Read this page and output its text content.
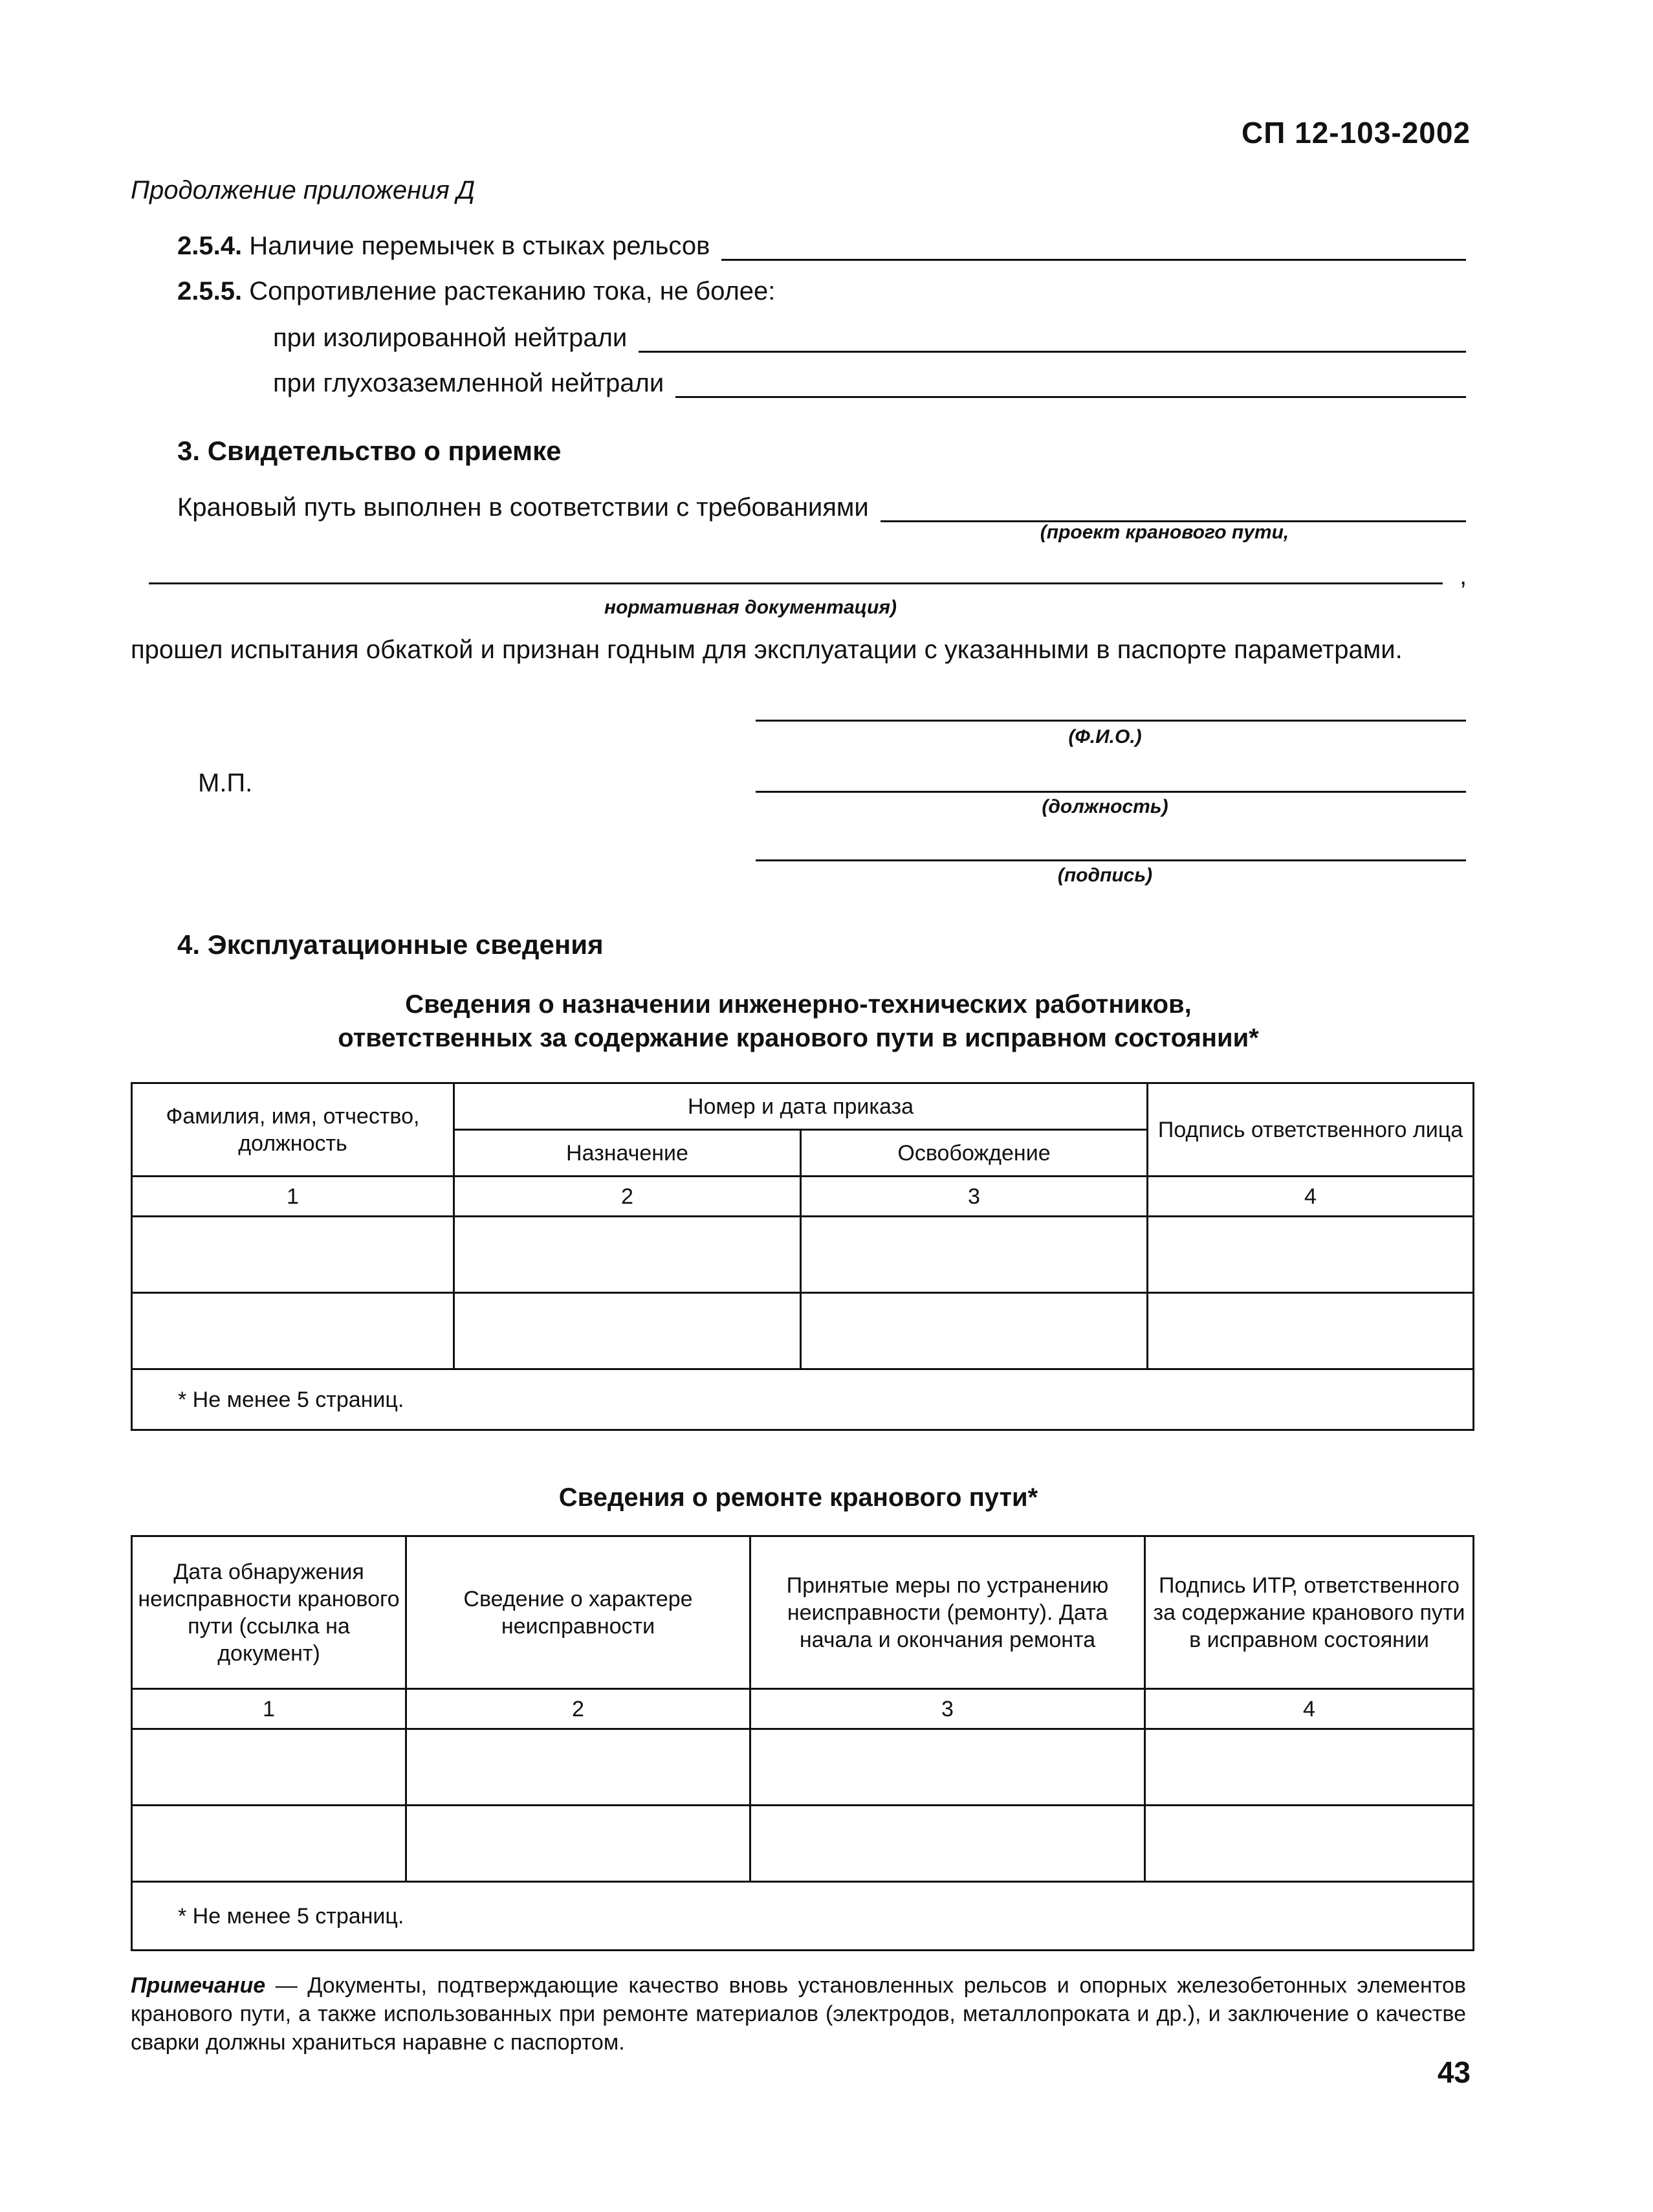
СП 12-103-2002
Продолжение приложения Д
2.5.4. Наличие перемычек в стыках рельсов
2.5.5. Сопротивление растеканию тока, не более:
при изолированной нейтрали
при глухозаземленной нейтрали
3. Свидетельство о приемке
Крановый путь выполнен в соответствии с требованиями
(проект кранового пути,
,
нормативная документация)
прошел испытания обкаткой и признан годным для эксплуатации с указанными в паспорте параметрами.
(Ф.И.О.)
М.П.
(должность)
(подпись)
4. Эксплуатационные сведения
Сведения о назначении инженерно-технических работников,
ответственных за содержание кранового пути в исправном состоянии*
Фамилия, имя, отчество, должность	Номер и дата приказа		Подпись ответственного лица
	Назначение	Освобождение	
1	2	3	4

* Не менее 5 страниц.			
Сведения о ремонте кранового пути*
Дата обнаружения неисправности кранового пути (ссылка на документ)	Сведение о характере неисправности	Принятые меры по устранению неисправности (ремонту). Дата начала и окончания ремонта	Подпись ИТР, ответственного за содержание кранового пути в исправном состоянии
1	2	3	4

* Не менее 5 страниц.			
Примечание — Документы, подтверждающие качество вновь установленных рельсов и опорных железобетонных элементов кранового пути, а также использованных при ремонте материалов (электродов, металлопроката и др.), и заключение о качестве сварки должны храниться наравне с паспортом.
43
